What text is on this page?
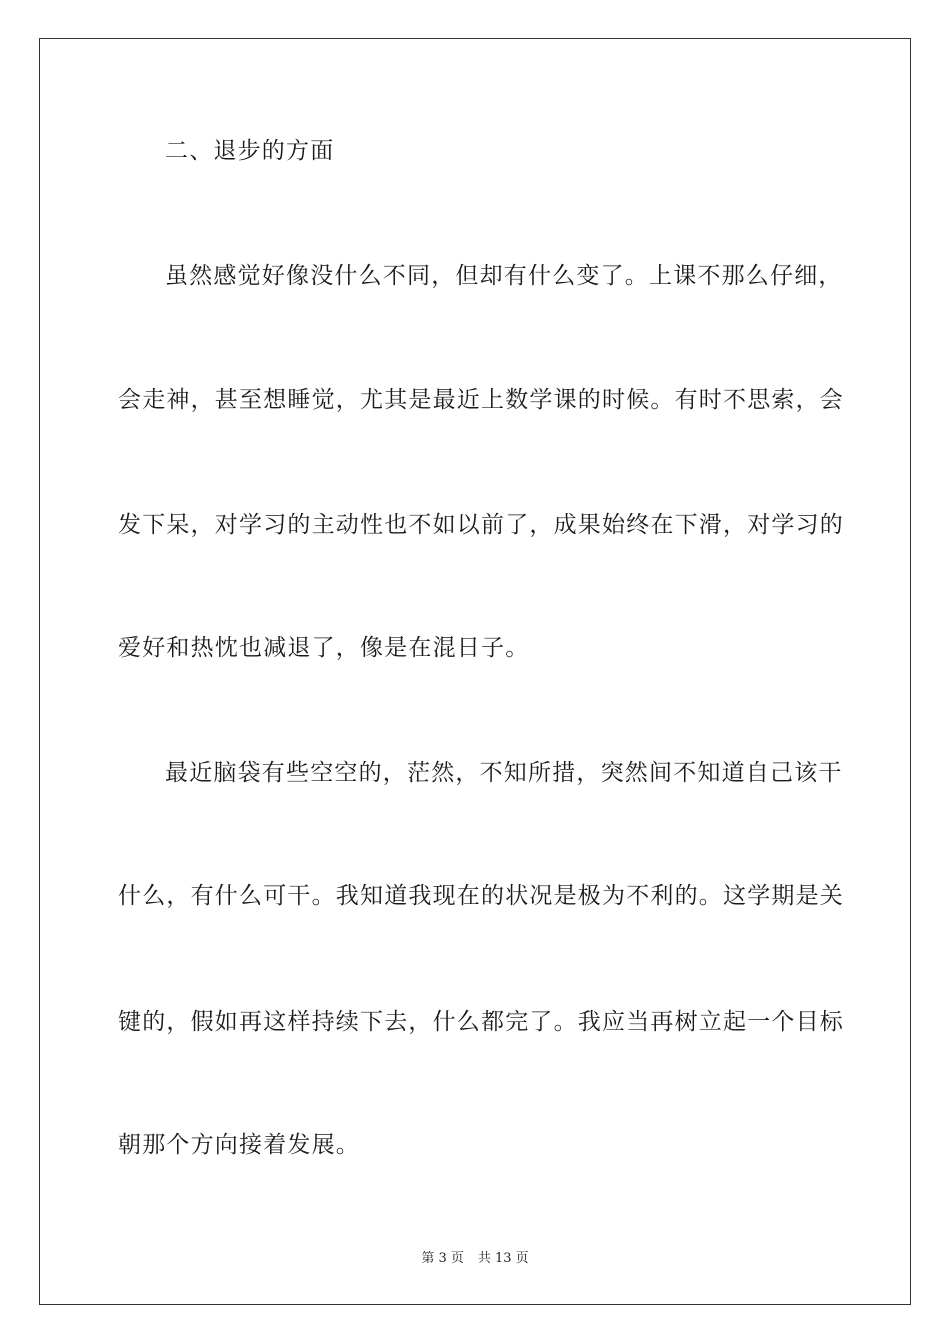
二、退步的方面
虽然感觉好像没什么不同，但却有什么变了。上课不那么仔细，
会走神，甚至想睡觉，尤其是最近上数学课的时候。有时不思索，会
发下呆，对学习的主动性也不如以前了，成果始终在下滑，对学习的
爱好和热忱也减退了，像是在混日子。
最近脑袋有些空空的，茫然，不知所措，突然间不知道自己该干
什么，有什么可干。我知道我现在的状况是极为不利的。这学期是关
键的，假如再这样持续下去，什么都完了。我应当再树立起一个目标
朝那个方向接着发展。
第 3 页 共 13 页
